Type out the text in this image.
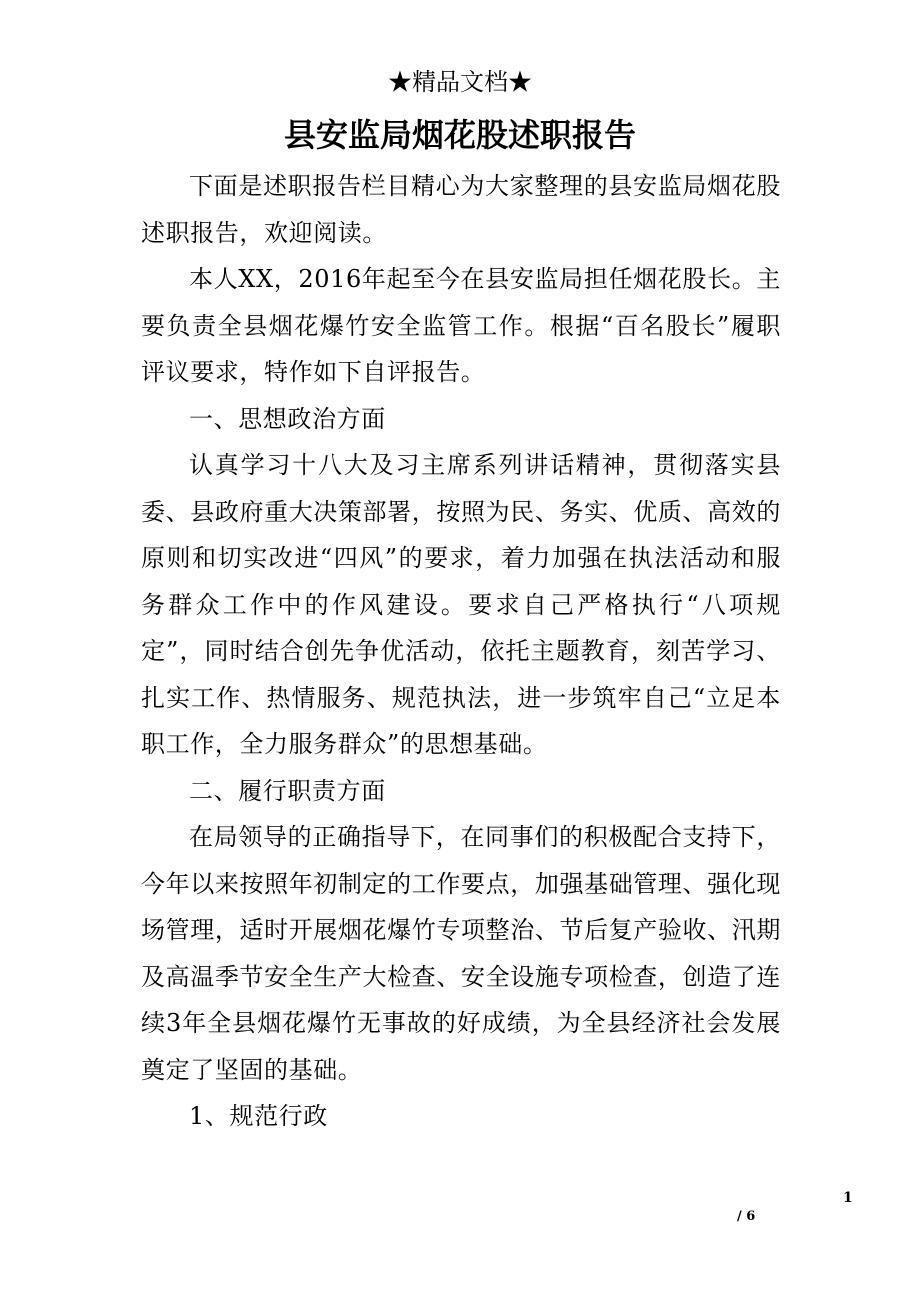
★精品文档★
县安监局烟花股述职报告

下面是述职报告栏目精心为大家整理的县安监局烟花股述职报告，欢迎阅读。

本人XX，2016年起至今在县安监局担任烟花股长。主要负责全县烟花爆竹安全监管工作。根据“百名股长”履职评议要求，特作如下自评报告。

一、思想政治方面

认真学习十八大及习主席系列讲话精神，贯彻落实县委、县政府重大决策部署，按照为民、务实、优质、高效的原则和切实改进“四风”的要求，着力加强在执法活动和服务群众工作中的作风建设。要求自己严格执行“八项规定”，同时结合创先争优活动，依托主题教育，刻苦学习、扎实工作、热情服务、规范执法，进一步筑牢自己“立足本职工作，全力服务群众”的思想基础。

二、履行职责方面

在局领导的正确指导下，在同事们的积极配合支持下，今年以来按照年初制定的工作要点，加强基础管理、强化现场管理，适时开展烟花爆竹专项整治、节后复产验收、汛期及高温季节安全生产大检查、安全设施专项检查，创造了连续3年全县烟花爆竹无事故的好成绩，为全县经济社会发展奠定了坚固的基础。

1、规范行政

1
/ 6
